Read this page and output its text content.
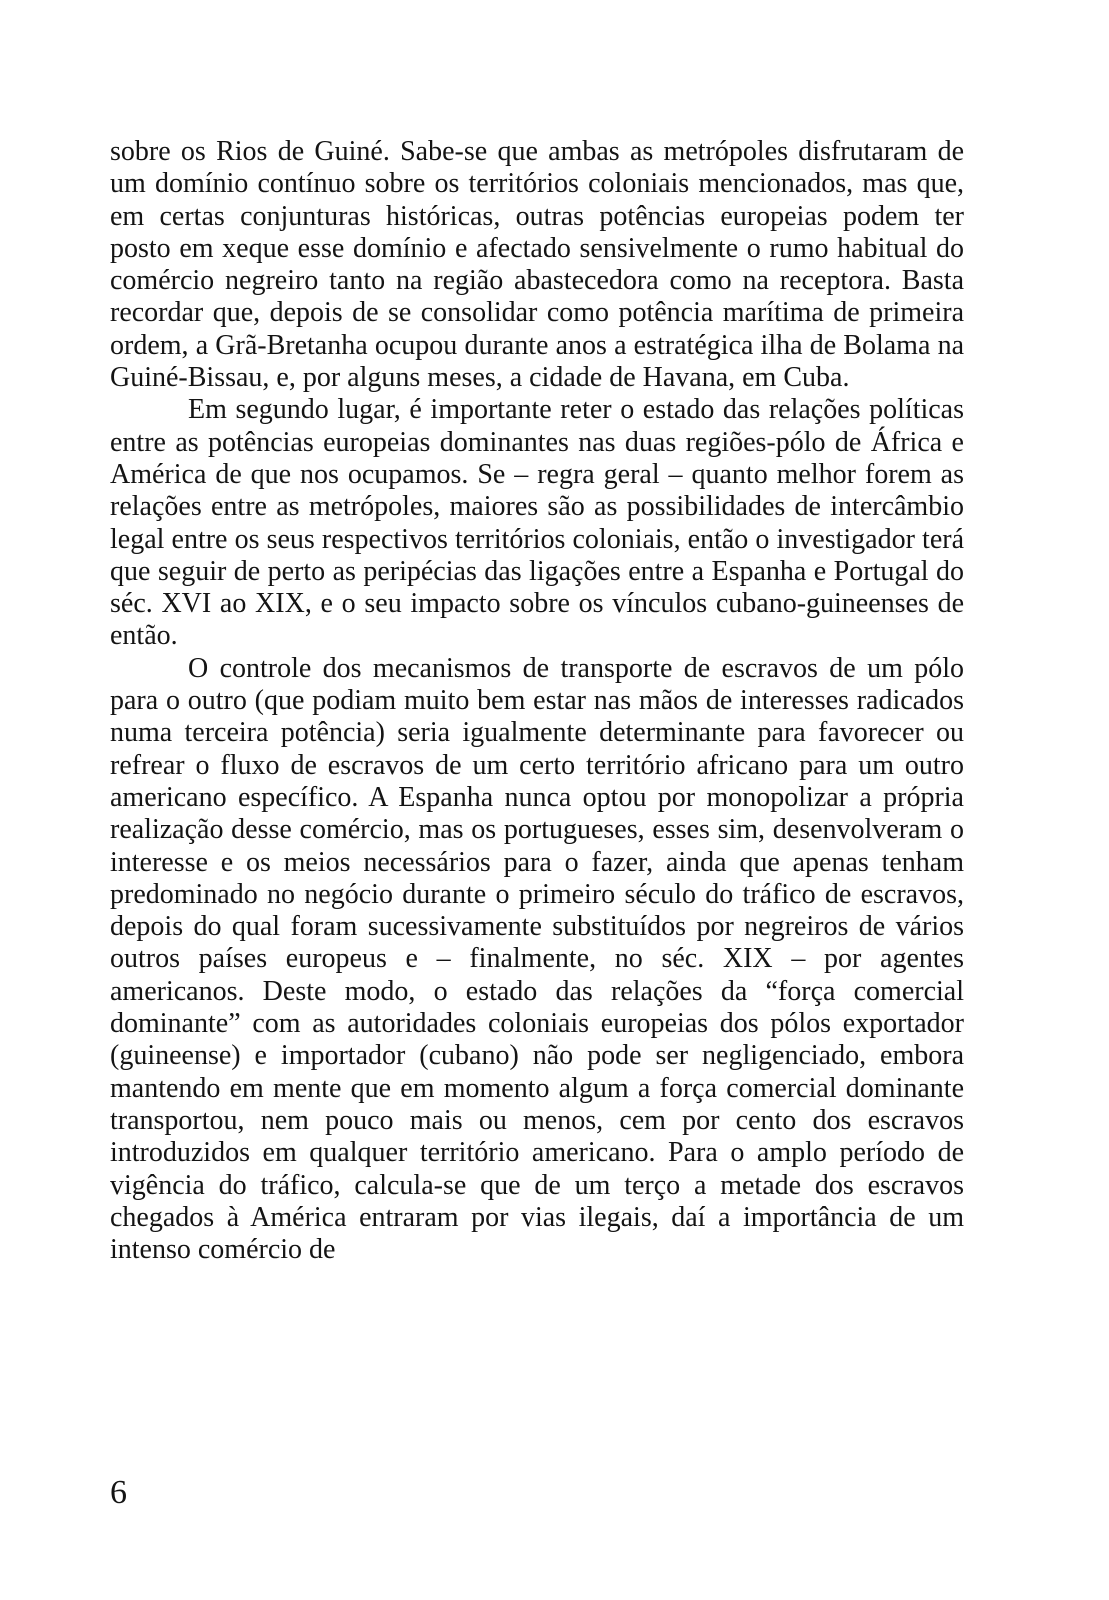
sobre os Rios de Guiné. Sabe-se que ambas as metrópoles disfrutaram de um domínio contínuo sobre os territórios coloniais mencionados, mas que, em certas conjunturas históricas, outras potências europeias podem ter posto em xeque esse domínio e afectado sensivelmente o rumo habitual do comércio negreiro tanto na região abastecedora como na receptora. Basta recordar que, depois de se consolidar como potência marítima de primeira ordem, a Grã-Bretanha ocupou durante anos a estratégica ilha de Bolama na Guiné-Bissau, e, por alguns meses, a cidade de Havana, em Cuba.

Em segundo lugar, é importante reter o estado das relações políticas entre as potências europeias dominantes nas duas regiões-pólo de África e América de que nos ocupamos. Se – regra geral – quanto melhor forem as relações entre as metrópoles, maiores são as possibilidades de intercâmbio legal entre os seus respectivos territórios coloniais, então o investigador terá que seguir de perto as peripécias das ligações entre a Espanha e Portugal do séc. XVI ao XIX, e o seu impacto sobre os vínculos cubano-guineenses de então.

O controle dos mecanismos de transporte de escravos de um pólo para o outro (que podiam muito bem estar nas mãos de interesses radicados numa terceira potência) seria igualmente determinante para favorecer ou refrear o fluxo de escravos de um certo território africano para um outro americano específico. A Espanha nunca optou por monopolizar a própria realização desse comércio, mas os portugueses, esses sim, desenvolveram o interesse e os meios necessários para o fazer, ainda que apenas tenham predominado no negócio durante o primeiro século do tráfico de escravos, depois do qual foram sucessivamente substituídos por negreiros de vários outros países europeus e – finalmente, no séc. XIX – por agentes americanos. Deste modo, o estado das relações da “força comercial dominante” com as autoridades coloniais europeias dos pólos exportador (guineense) e importador (cubano) não pode ser negligenciado, embora mantendo em mente que em momento algum a força comercial dominante transportou, nem pouco mais ou menos, cem por cento dos escravos introduzidos em qualquer território americano. Para o amplo período de vigência do tráfico, calcula-se que de um terço a metade dos escravos chegados à América entraram por vias ilegais, daí a importância de um intenso comércio de

6
